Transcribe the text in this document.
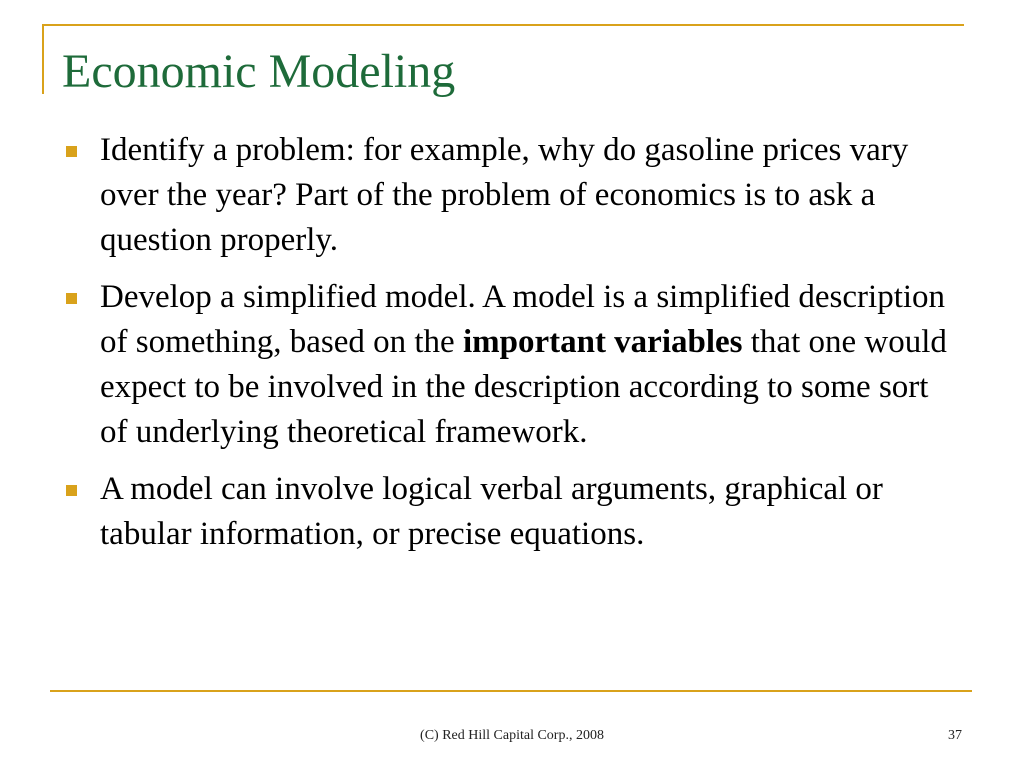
Economic Modeling
Identify a problem: for example, why do gasoline prices vary over the year? Part of the problem of economics is to ask a question properly.
Develop a simplified model. A model is a simplified description of something, based on the important variables that one would expect to be involved in the description according to some sort of underlying theoretical framework.
A model can involve logical verbal arguments, graphical or tabular information, or precise equations.
(C) Red Hill Capital Corp., 2008	37
